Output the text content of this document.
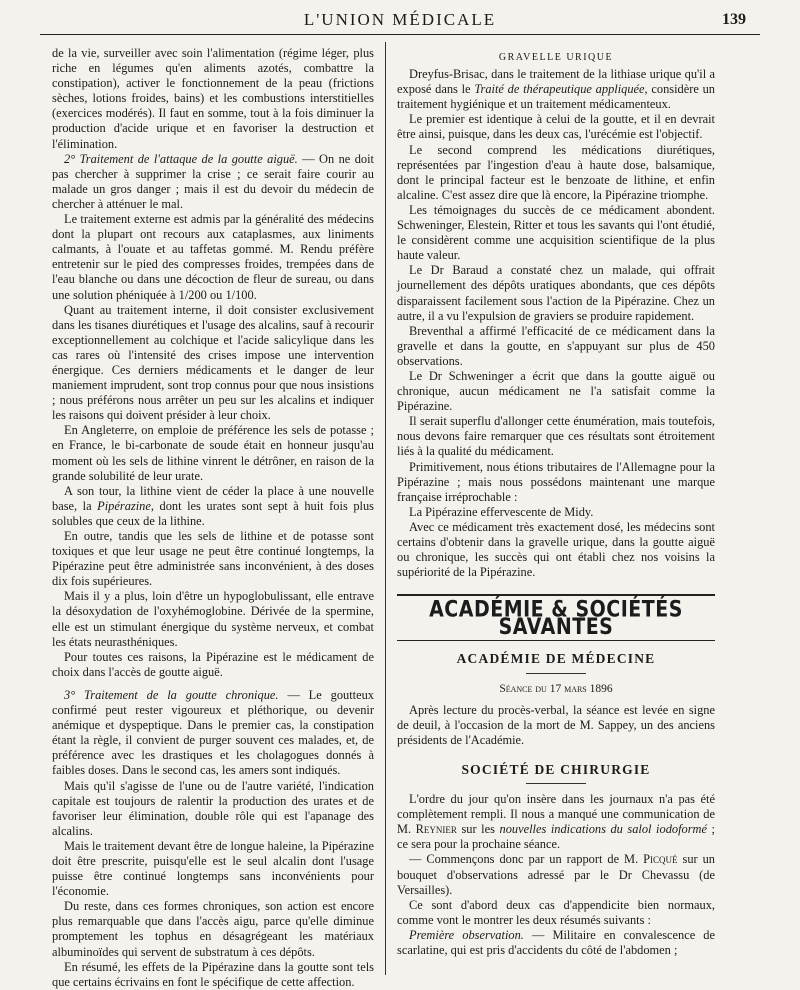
L'UNION MÉDICALE	139

de la vie, surveiller avec soin l'alimentation (régime léger, plus riche en légumes qu'en aliments azotés, combattre la constipation), activer le fonctionnement de la peau (frictions sèches, lotions froides, bains) et les combustions interstitielles (exercices modérés). Il faut en somme, tout à la fois diminuer la production d'acide urique et en favoriser la destruction et l'élimination.

2° Traitement de l'attaque de la goutte aiguë. — On ne doit pas chercher à supprimer la crise ; ce serait faire courir au malade un gros danger ; mais il est du devoir du médecin de chercher à atténuer le mal.

Le traitement externe est admis par la généralité des médecins dont la plupart ont recours aux cataplasmes, aux liniments calmants, à l'ouate et au taffetas gommé. M. Rendu préfère entretenir sur le pied des compresses froides, trempées dans de l'eau blanche ou dans une décoction de fleur de sureau, ou dans une solution phéniquée à 1/200 ou 1/100.

Quant au traitement interne, il doit consister exclusivement dans les tisanes diurétiques et l'usage des alcalins, sauf à recourir exceptionnellement au colchique et l'acide salicylique dans les cas rares où l'intensité des crises impose une intervention énergique. Ces derniers médicaments et le danger de leur maniement imprudent, sont trop connus pour que nous insistions ; nous préférons nous arrêter un peu sur les alcalins et indiquer les raisons qui doivent présider à leur choix.

En Angleterre, on emploie de préférence les sels de potasse ; en France, le bi-carbonate de soude était en honneur jusqu'au moment où les sels de lithine vinrent le détrôner, en raison de la grande solubilité de leur urate.

A son tour, la lithine vient de céder la place à une nouvelle base, la Pipérazine, dont les urates sont sept à huit fois plus solubles que ceux de la lithine.

En outre, tandis que les sels de lithine et de potasse sont toxiques et que leur usage ne peut être continué longtemps, la Pipérazine peut être administrée sans inconvénient, à des doses dix fois supérieures.

Mais il y a plus, loin d'être un hypoglobulissant, elle entrave la désoxydation de l'oxyhémoglobine. Dérivée de la spermine, elle est un stimulant énergique du système nerveux, et combat les états neurasthéniques.

Pour toutes ces raisons, la Pipérazine est le médicament de choix dans l'accès de goutte aiguë.

3° Traitement de la goutte chronique. — Le goutteux confirmé peut rester vigoureux et pléthorique, ou devenir anémique et dyspeptique. Dans le premier cas, la constipation étant la règle, il convient de purger souvent ces malades, et, de préférence avec les drastiques et les cholagogues donnés à faibles doses. Dans le second cas, les amers sont indiqués.

Mais qu'il s'agisse de l'une ou de l'autre variété, l'indication capitale est toujours de ralentir la production des urates et de favoriser leur élimination, double rôle qui est l'apanage des alcalins.

Mais le traitement devant être de longue haleine, la Pipérazine doit être prescrite, puisqu'elle est le seul alcalin dont l'usage puisse être continué longtemps sans inconvénients pour l'économie.

Du reste, dans ces formes chroniques, son action est encore plus remarquable que dans l'accès aigu, parce qu'elle diminue promptement les tophus en désagrégeant les matériaux albuminoïdes qui servent de substratum à ces dépôts.

En résumé, les effets de la Pipérazine dans la goutte sont tels que certains écrivains en font le spécifique de cette affection.

GRAVELLE URIQUE

Dreyfus-Brisac, dans le traitement de la lithiase urique qu'il a exposé dans le Traité de thérapeutique appliquée, considère un traitement hygiénique et un traitement médicamenteux.

Le premier est identique à celui de la goutte, et il en devrait être ainsi, puisque, dans les deux cas, l'urécémie est l'objectif.

Le second comprend les médications diurétiques, représentées par l'ingestion d'eau à haute dose, balsamique, dont le principal facteur est le benzoate de lithine, et enfin alcaline. C'est assez dire que là encore, la Pipérazine triomphe.

Les témoignages du succès de ce médicament abondent. Schweninger, Elestein, Ritter et tous les savants qui l'ont étudié, le considèrent comme une acquisition scientifique de la plus haute valeur.

Le Dr Baraud a constaté chez un malade, qui offrait journellement des dépôts uratiques abondants, que ces dépôts disparaissent facilement sous l'action de la Pipérazine. Chez un autre, il a vu l'expulsion de graviers se produire rapidement.

Breventhal a affirmé l'efficacité de ce médicament dans la gravelle et dans la goutte, en s'appuyant sur plus de 450 observations.

Le Dr Schweninger a écrit que dans la goutte aiguë ou chronique, aucun médicament ne l'a satisfait comme la Pipérazine.

Il serait superflu d'allonger cette énumération, mais toutefois, nous devons faire remarquer que ces résultats sont étroitement liés à la qualité du médicament.

Primitivement, nous étions tributaires de l'Allemagne pour la Pipérazine ; mais nous possédons maintenant une marque française irréprochable :

La Pipérazine effervescente de Midy.

Avec ce médicament très exactement dosé, les médecins sont certains d'obtenir dans la gravelle urique, dans la goutte aiguë ou chronique, les succès qui ont établi chez nos voisins la supériorité de la Pipérazine.

ACADÉMIE & SOCIÉTÉS SAVANTES
ACADÉMIE DE MÉDECINE
Séance du 17 mars 1896

Après lecture du procès-verbal, la séance est levée en signe de deuil, à l'occasion de la mort de M. Sappey, un des anciens présidents de l'Académie.

SOCIÉTÉ DE CHIRURGIE

L'ordre du jour qu'on insère dans les journaux n'a pas été complètement rempli. Il nous a manqué une communication de M. Reynier sur les nouvelles indications du salol iodoformé ; ce sera pour la prochaine séance.

— Commençons donc par un rapport de M. Picqué sur un bouquet d'observations adressé par le Dr Chevassu (de Versailles).

Ce sont d'abord deux cas d'appendicite bien normaux, comme vont le montrer les deux résumés suivants :

Première observation. — Militaire en convalescence de scarlatine, qui est pris d'accidents du côté de l'abdomen ;
